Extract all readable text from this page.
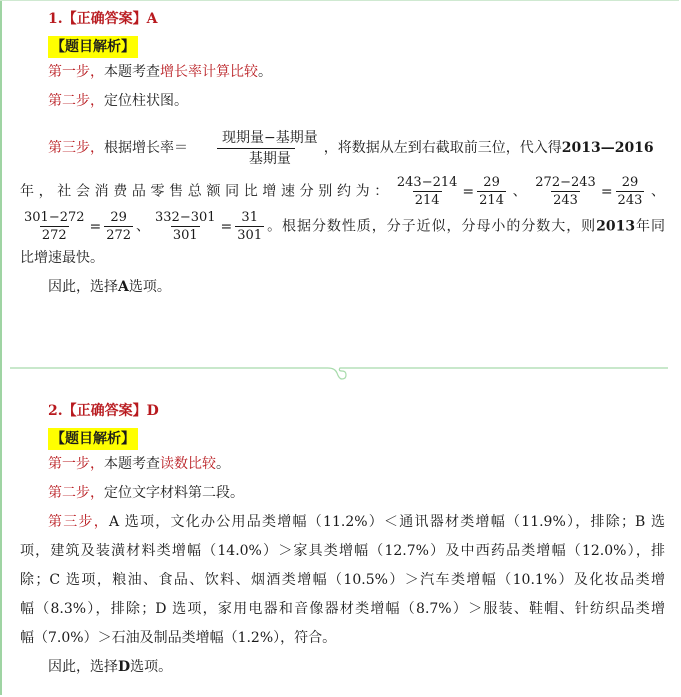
1.【正确答案】A
【题目解析】
第一步，本题考查增长率计算比较。
第二步，定位柱状图。
第三步，根据增长率＝ $\frac{\text{现期量−基期量}}{\text{基期量}}$ ，将数据从左到右截取前三位，代入得2013—2016
年，社会消费品零售总额同比增速分别约为： $\frac{243-214}{214} = \frac{29}{214}$ 、 $\frac{272-243}{243} = \frac{29}{243}$ 、
$\frac{301-272}{272} = \frac{29}{272}$ 、 $\frac{332-301}{301} = \frac{31}{301}$ 。根据分数性质，分子近似，分母小的分数大，则2013年同
比增速最快。
因此，选择A选项。
2.【正确答案】D
【题目解析】
第一步，本题考查读数比较。
第二步，定位文字材料第二段。
第三步，A 选项，文化办公用品类增幅（11.2%）＜通讯器材类增幅（11.9%），排除；B 选
项，建筑及装潢材料类增幅（14.0%）＞家具类增幅（12.7%）及中西药品类增幅（12.0%），排
除；C 选项，粮油、食品、饮料、烟酒类增幅（10.5%）＞汽车类增幅（10.1%）及化妆品类增
幅（8.3%），排除；D 选项，家用电器和音像器材类增幅（8.7%）＞服装、鞋帽、针纺织品类增
幅（7.0%）＞石油及制品类增幅（1.2%），符合。
因此，选择D选项。
